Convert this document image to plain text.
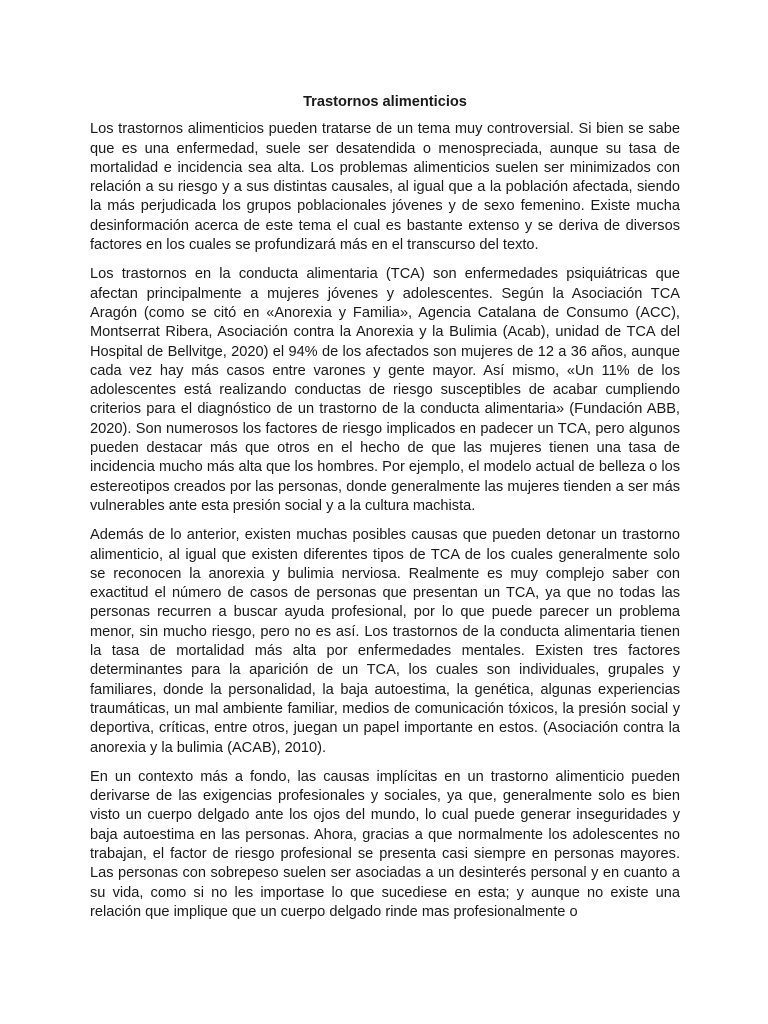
Trastornos alimenticios

Los trastornos alimenticios pueden tratarse de un tema muy controversial. Si bien se sabe que es una enfermedad, suele ser desatendida o menospreciada, aunque su tasa de mortalidad e incidencia sea alta. Los problemas alimenticios suelen ser minimizados con relación a su riesgo y a sus distintas causales, al igual que a la población afectada, siendo la más perjudicada los grupos poblacionales jóvenes y de sexo femenino. Existe mucha desinformación acerca de este tema el cual es bastante extenso y se deriva de diversos factores en los cuales se profundizará más en el transcurso del texto.

Los trastornos en la conducta alimentaria (TCA) son enfermedades psiquiátricas que afectan principalmente a mujeres jóvenes y adolescentes. Según la Asociación TCA Aragón (como se citó en «Anorexia y Familia», Agencia Catalana de Consumo (ACC), Montserrat Ribera, Asociación contra la Anorexia y la Bulimia (Acab), unidad de TCA del Hospital de Bellvitge, 2020) el 94% de los afectados son mujeres de 12 a 36 años, aunque cada vez hay más casos entre varones y gente mayor. Así mismo, «Un 11% de los adolescentes está realizando conductas de riesgo susceptibles de acabar cumpliendo criterios para el diagnóstico de un trastorno de la conducta alimentaria» (Fundación ABB, 2020). Son numerosos los factores de riesgo implicados en padecer un TCA, pero algunos pueden destacar más que otros en el hecho de que las mujeres tienen una tasa de incidencia mucho más alta que los hombres. Por ejemplo, el modelo actual de belleza o los estereotipos creados por las personas, donde generalmente las mujeres tienden a ser más vulnerables ante esta presión social y a la cultura machista.

Además de lo anterior, existen muchas posibles causas que pueden detonar un trastorno alimenticio, al igual que existen diferentes tipos de TCA de los cuales generalmente solo se reconocen la anorexia y bulimia nerviosa. Realmente es muy complejo saber con exactitud el número de casos de personas que presentan un TCA, ya que no todas las personas recurren a buscar ayuda profesional, por lo que puede parecer un problema menor, sin mucho riesgo, pero no es así. Los trastornos de la conducta alimentaria tienen la tasa de mortalidad más alta por enfermedades mentales. Existen tres factores determinantes para la aparición de un TCA, los cuales son individuales, grupales y familiares, donde la personalidad, la baja autoestima, la genética, algunas experiencias traumáticas, un mal ambiente familiar, medios de comunicación tóxicos, la presión social y deportiva, críticas, entre otros, juegan un papel importante en estos. (Asociación contra la anorexia y la bulimia (ACAB), 2010).

En un contexto más a fondo, las causas implícitas en un trastorno alimenticio pueden derivarse de las exigencias profesionales y sociales, ya que, generalmente solo es bien visto un cuerpo delgado ante los ojos del mundo, lo cual puede generar inseguridades y baja autoestima en las personas. Ahora, gracias a que normalmente los adolescentes no trabajan, el factor de riesgo profesional se presenta casi siempre en personas mayores. Las personas con sobrepeso suelen ser asociadas a un desinterés personal y en cuanto a su vida, como si no les importase lo que sucediese en esta; y aunque no existe una relación que implique que un cuerpo delgado rinde mas profesionalmente o
